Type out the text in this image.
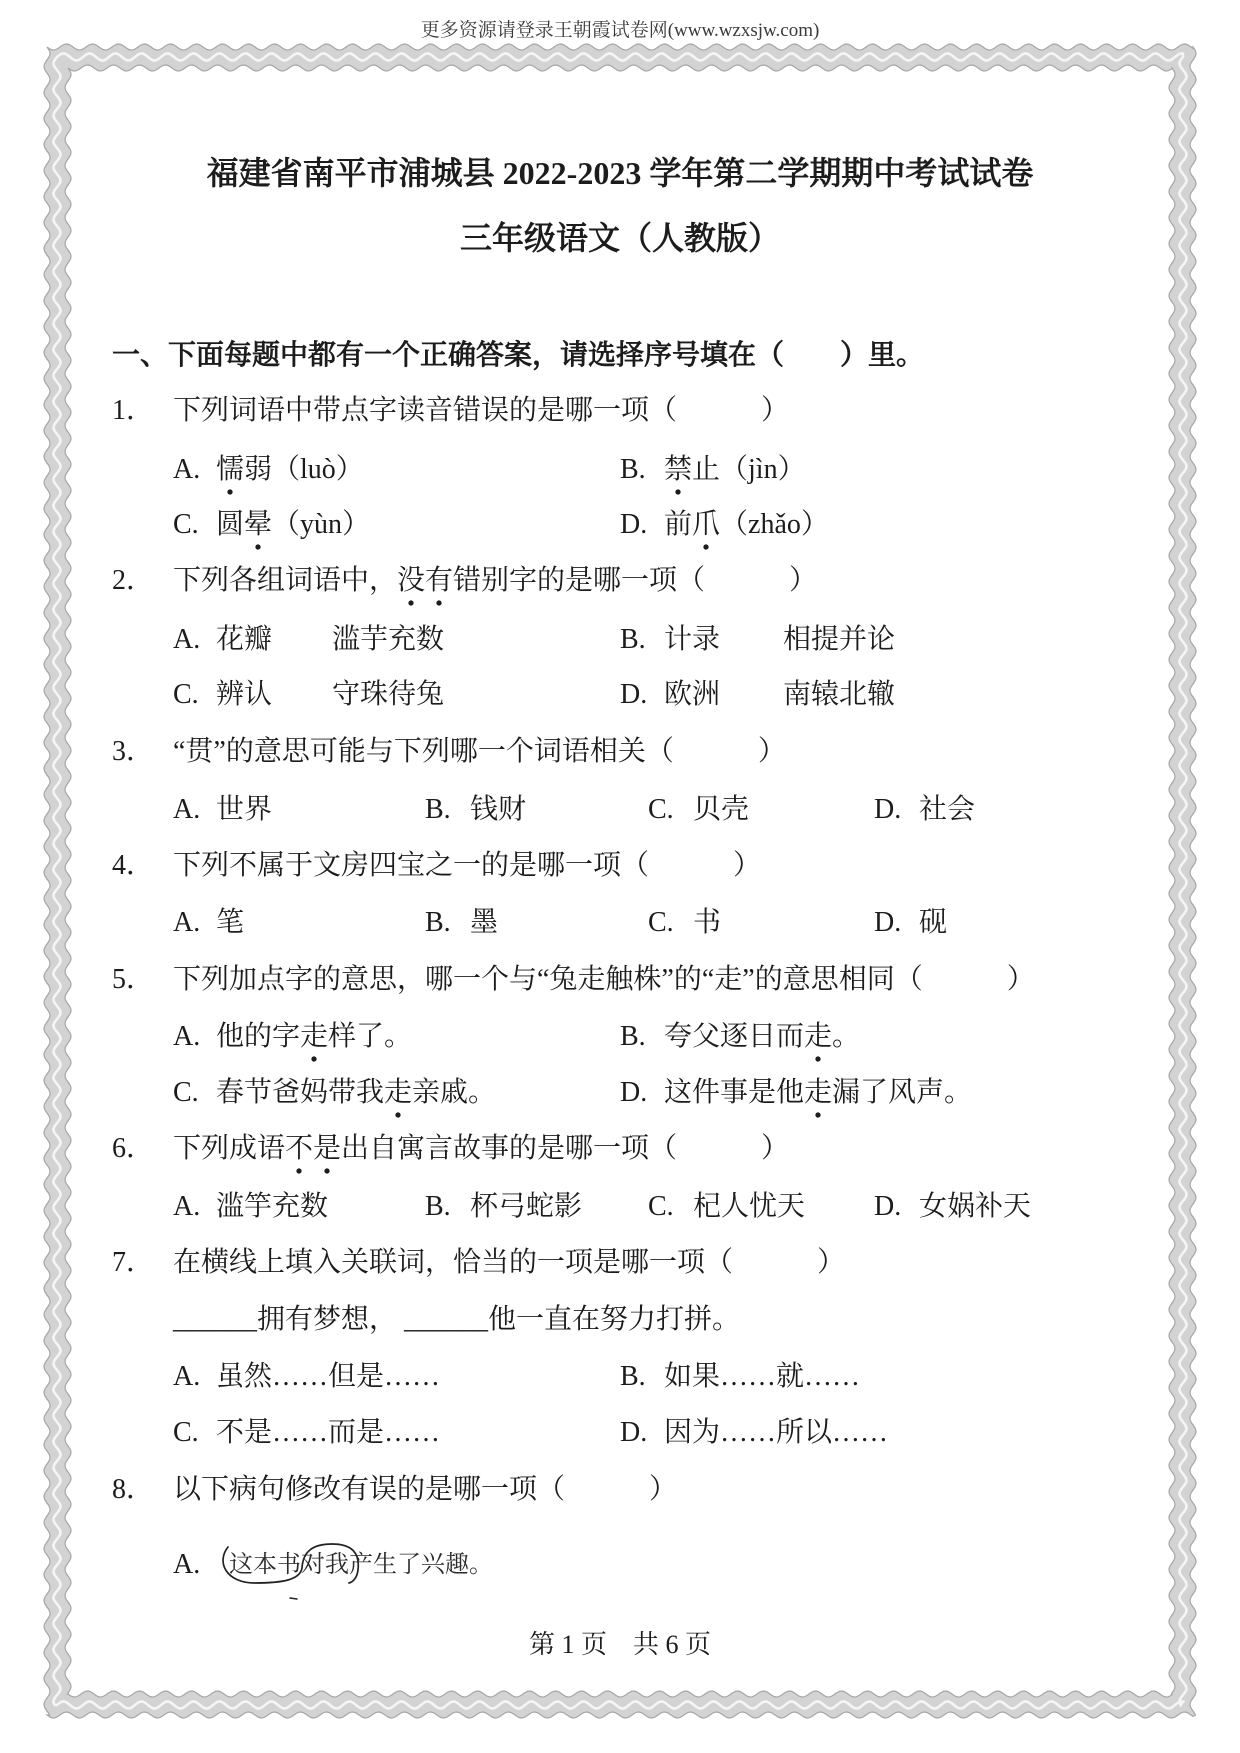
更多资源请登录王朝霞试卷网(www.wzxsjw.com)
福建省南平市浦城县 2022-2023 学年第二学期期中考试试卷
三年级语文（人教版）
一、下面每题中都有一个正确答案，请选择序号填在（　　）里。
1． 下列词语中带点字读音错误的是哪一项（　　　）
A. 懦弱（luò）	B. 禁止（jìn）
C. 圆晕（yùn）	D. 前爪（zhǎo）
2． 下列各组词语中，没有错别字的是哪一项（　　　）
A. 花瓣 滥芋充数	B. 计录 相提并论
C. 辨认 守珠待兔	D. 欧洲 南辕北辙
3． “贯”的意思可能与下列哪一个词语相关（　　　）
A. 世界	B. 钱财	C. 贝壳	D. 社会
4． 下列不属于文房四宝之一的是哪一项（　　　）
A. 笔	B. 墨	C. 书	D. 砚
5． 下列加点字的意思，哪一个与“兔走触株”的“走”的意思相同（　　　）
A. 他的字走样了。	B. 夸父逐日而走。
C. 春节爸妈带我走亲戚。	D. 这件事是他走漏了风声。
6． 下列成语不是出自寓言故事的是哪一项（　　　）
A. 滥竽充数	B. 杯弓蛇影 C. 杞人忧天 D. 女娲补天
7． 在横线上填入关联词，恰当的一项是哪一项（　　　）
______拥有梦想， ______他一直在努力打拼。
A. 虽然……但是……	B. 如果……就……
C. 不是……而是……	D. 因为……所以……
8． 以下病句修改有误的是哪一项（　　　）
A. 这本书对我产生了兴趣。
第 1 页　共 6 页
